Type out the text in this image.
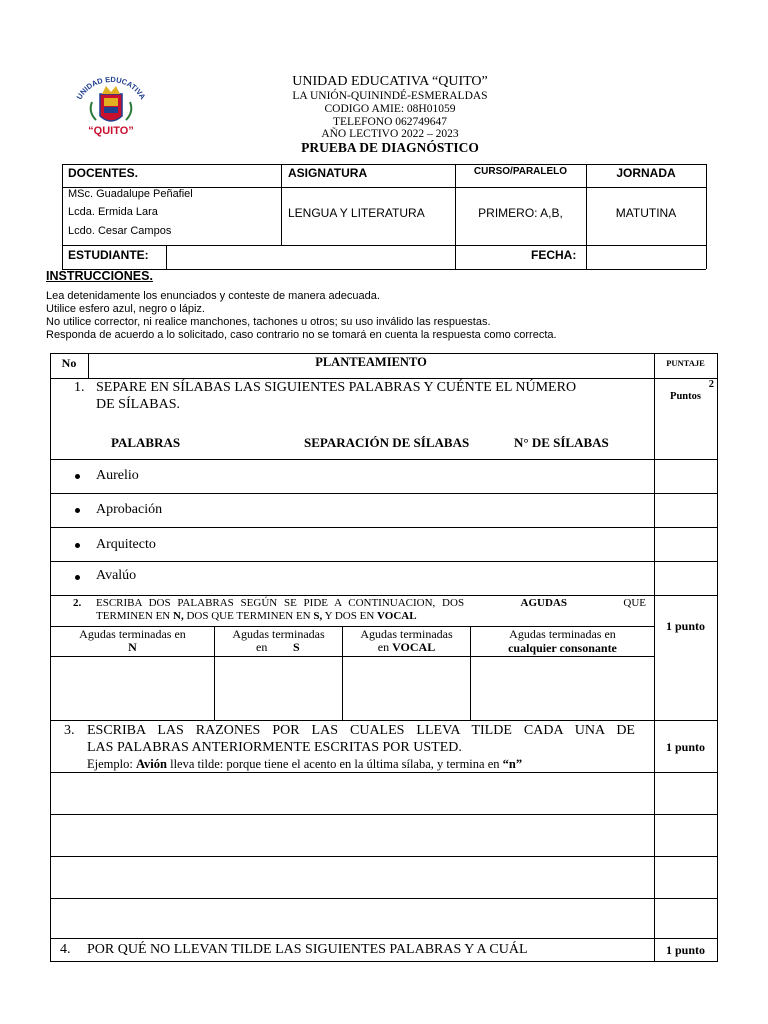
UNIDAD EDUCATIVA
“QUITO”
UNIDAD EDUCATIVA “QUITO”
LA UNIÓN-QUININDÉ-ESMERALDAS
CODIGO AMIE: 08H01059
TELEFONO 062749647
AÑO LECTIVO 2022 – 2023
PRUEBA DE DIAGNÓSTICO
DOCENTES.	ASIGNATURA	CURSO/PARALELO	JORNADA
MSc. Guadalupe Peñafiel
Lcda. Ermida Lara
Lcdo. Cesar Campos
LENGUA Y LITERATURA	PRIMERO: A,B,	MATUTINA
ESTUDIANTE:	FECHA:
INSTRUCCIONES.
Lea detenidamente los enunciados y conteste de manera adecuada.
Utilice esfero azul, negro o lápiz.
No utilice corrector, ni realice manchones, tachones u otros; su uso inválido las respuestas.
Responda de acuerdo a lo solicitado, caso contrario no se tomará en cuenta la respuesta como correcta.
No	PLANTEAMIENTO	PUNTAJE
1. SEPARE EN SÍLABAS LAS SIGUIENTES PALABRAS Y CUÉNTE EL NÚMERO
DE SÍLABAS.
2
Puntos
PALABRAS	SEPARACIÓN DE SÍLABAS	N° DE SÍLABAS
Aurelio
Aprobación
Arquitecto
Avalúo
2. ESCRIBA DOS PALABRAS SEGÚN SE PIDE A CONTINUACION, DOS	AGUDAS	QUE
TERMINEN EN N, DOS QUE TERMINEN EN S, Y DOS EN VOCAL
1 punto
Agudas terminadas en
N
Agudas terminadas
en S
Agudas terminadas
en VOCAL
Agudas terminadas en
cualquier consonante
3. ESCRIBA LAS RAZONES POR LAS CUALES LLEVA TILDE CADA UNA DE
LAS PALABRAS ANTERIORMENTE ESCRITAS POR USTED.
Ejemplo: Avión lleva tilde: porque tiene el acento en la última sílaba, y termina en “n”
1 punto
4. POR QUÉ NO LLEVAN TILDE LAS SIGUIENTES PALABRAS Y A CUÁL	1 punto
